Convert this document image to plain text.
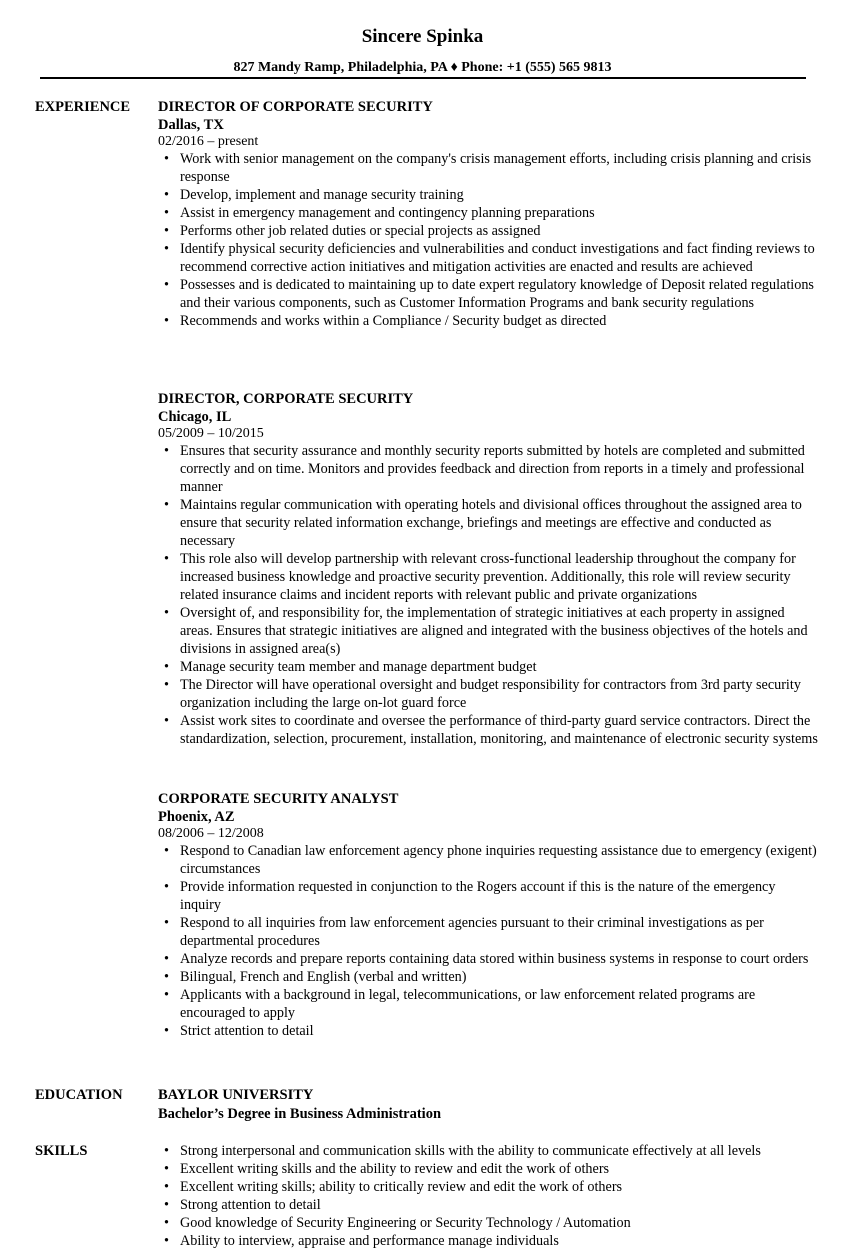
Sincere Spinka
827 Mandy Ramp, Philadelphia, PA ♦ Phone: +1 (555) 565 9813
EXPERIENCE DIRECTOR OF CORPORATE SECURITY
Dallas, TX
02/2016 – present
• Work with senior management on the company's crisis management efforts, including crisis planning and crisis response
• Develop, implement and manage security training
• Assist in emergency management and contingency planning preparations
• Performs other job related duties or special projects as assigned
• Identify physical security deficiencies and vulnerabilities and conduct investigations and fact finding reviews to recommend corrective action initiatives and mitigation activities are enacted and results are achieved
• Possesses and is dedicated to maintaining up to date expert regulatory knowledge of Deposit related regulations and their various components, such as Customer Information Programs and bank security regulations
• Recommends and works within a Compliance / Security budget as directed
DIRECTOR, CORPORATE SECURITY
Chicago, IL
05/2009 – 10/2015
• Ensures that security assurance and monthly security reports submitted by hotels are completed and submitted correctly and on time. Monitors and provides feedback and direction from reports in a timely and professional manner
• Maintains regular communication with operating hotels and divisional offices throughout the assigned area to ensure that security related information exchange, briefings and meetings are effective and conducted as necessary
• This role also will develop partnership with relevant cross-functional leadership throughout the company for increased business knowledge and proactive security prevention. Additionally, this role will review security related insurance claims and incident reports with relevant public and private organizations
• Oversight of, and responsibility for, the implementation of strategic initiatives at each property in assigned areas. Ensures that strategic initiatives are aligned and integrated with the business objectives of the hotels and divisions in assigned area(s)
• Manage security team member and manage department budget
• The Director will have operational oversight and budget responsibility for contractors from 3rd party security organization including the large on-lot guard force
• Assist work sites to coordinate and oversee the performance of third-party guard service contractors. Direct the standardization, selection, procurement, installation, monitoring, and maintenance of electronic security systems
CORPORATE SECURITY ANALYST
Phoenix, AZ
08/2006 – 12/2008
• Respond to Canadian law enforcement agency phone inquiries requesting assistance due to emergency (exigent) circumstances
• Provide information requested in conjunction to the Rogers account if this is the nature of the emergency inquiry
• Respond to all inquiries from law enforcement agencies pursuant to their criminal investigations as per departmental procedures
• Analyze records and prepare reports containing data stored within business systems in response to court orders
• Bilingual, French and English (verbal and written)
• Applicants with a background in legal, telecommunications, or law enforcement related programs are encouraged to apply
• Strict attention to detail
EDUCATION BAYLOR UNIVERSITY
Bachelor’s Degree in Business Administration
SKILLS
•	Strong interpersonal and communication skills with the ability to communicate effectively at all levels
• Excellent writing skills and the ability to review and edit the work of others
• Excellent writing skills; ability to critically review and edit the work of others
• Strong attention to detail
• Good knowledge of Security Engineering or Security Technology / Automation
• Ability to interview, appraise and performance manage individuals
